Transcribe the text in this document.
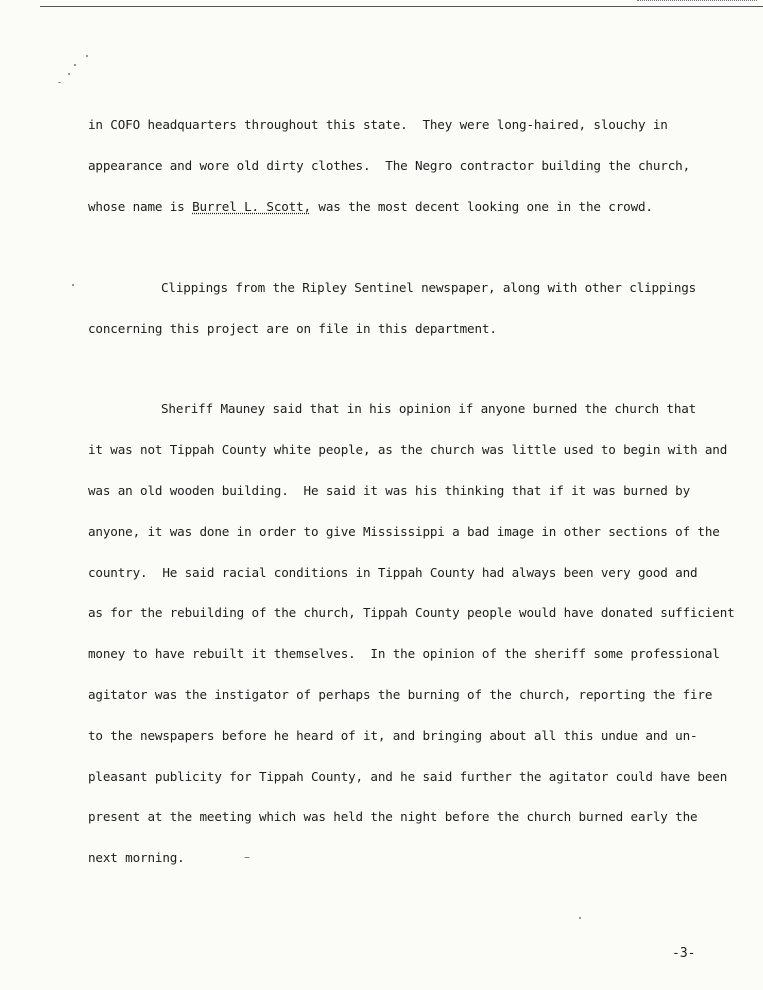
in COFO headquarters throughout this state.  They were long-haired, slouchy in

appearance and wore old dirty clothes.  The Negro contractor building the church,

whose name is Burrel L. Scott, was the most decent looking one in the crowd.

Clippings from the Ripley Sentinel newspaper, along with other clippings

concerning this project are on file in this department.

Sheriff Mauney said that in his opinion if anyone burned the church that

it was not Tippah County white people, as the church was little used to begin with and

was an old wooden building.  He said it was his thinking that if it was burned by

anyone, it was done in order to give Mississippi a bad image in other sections of the

country.  He said racial conditions in Tippah County had always been very good and

as for the rebuilding of the church, Tippah County people would have donated sufficient

money to have rebuilt it themselves.  In the opinion of the sheriff some professional

agitator was the instigator of perhaps the burning of the church, reporting the fire

to the newspapers before he heard of it, and bringing about all this undue and un-

pleasant publicity for Tippah County, and he said further the agitator could have been

present at the meeting which was held the night before the church burned early the

next morning.

-3-
